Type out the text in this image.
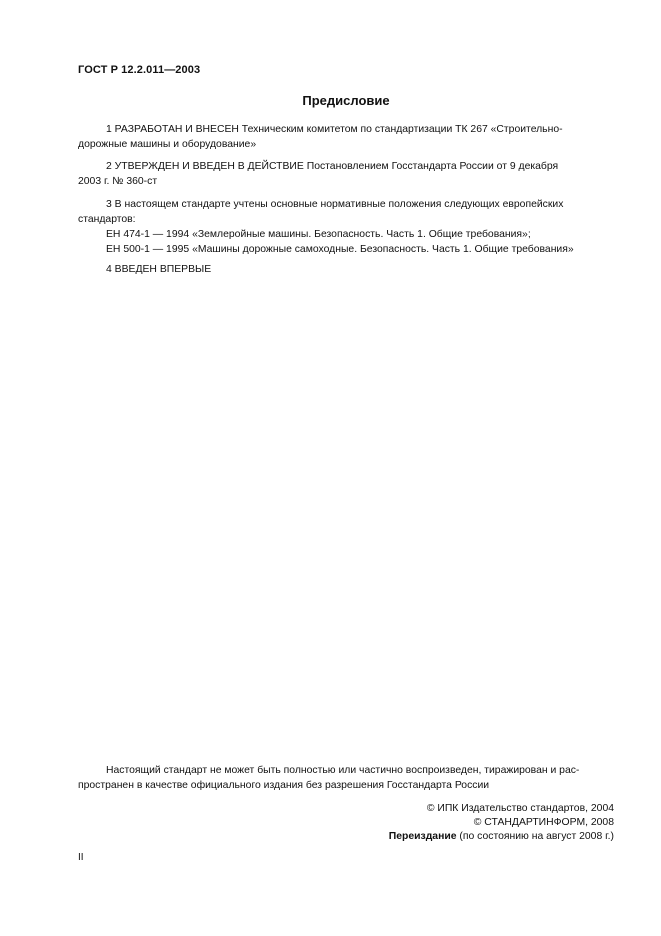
ГОСТ Р 12.2.011—2003
Предисловие
1 РАЗРАБОТАН И ВНЕСЕН Техническим комитетом по стандартизации ТК 267 «Строительно-
дорожные машины и оборудование»
2 УТВЕРЖДЕН И ВВЕДЕН В ДЕЙСТВИЕ Постановлением Госстандарта России от 9 декабря
2003 г. № 360-ст
3 В настоящем стандарте учтены основные нормативные положения следующих европейских
стандартов:
ЕН 474-1 — 1994 «Землеройные машины. Безопасность. Часть 1. Общие требования»;
ЕН 500-1 — 1995 «Машины дорожные самоходные. Безопасность. Часть 1. Общие требования»
4 ВВЕДЕН ВПЕРВЫЕ
Настоящий стандарт не может быть полностью или частично воспроизведен, тиражирован и рас-
пространен в качестве официального издания без разрешения Госстандарта России
© ИПК Издательство стандартов, 2004
© СТАНДАРТИНФОРМ, 2008
Переиздание (по состоянию на август 2008 г.)
II
